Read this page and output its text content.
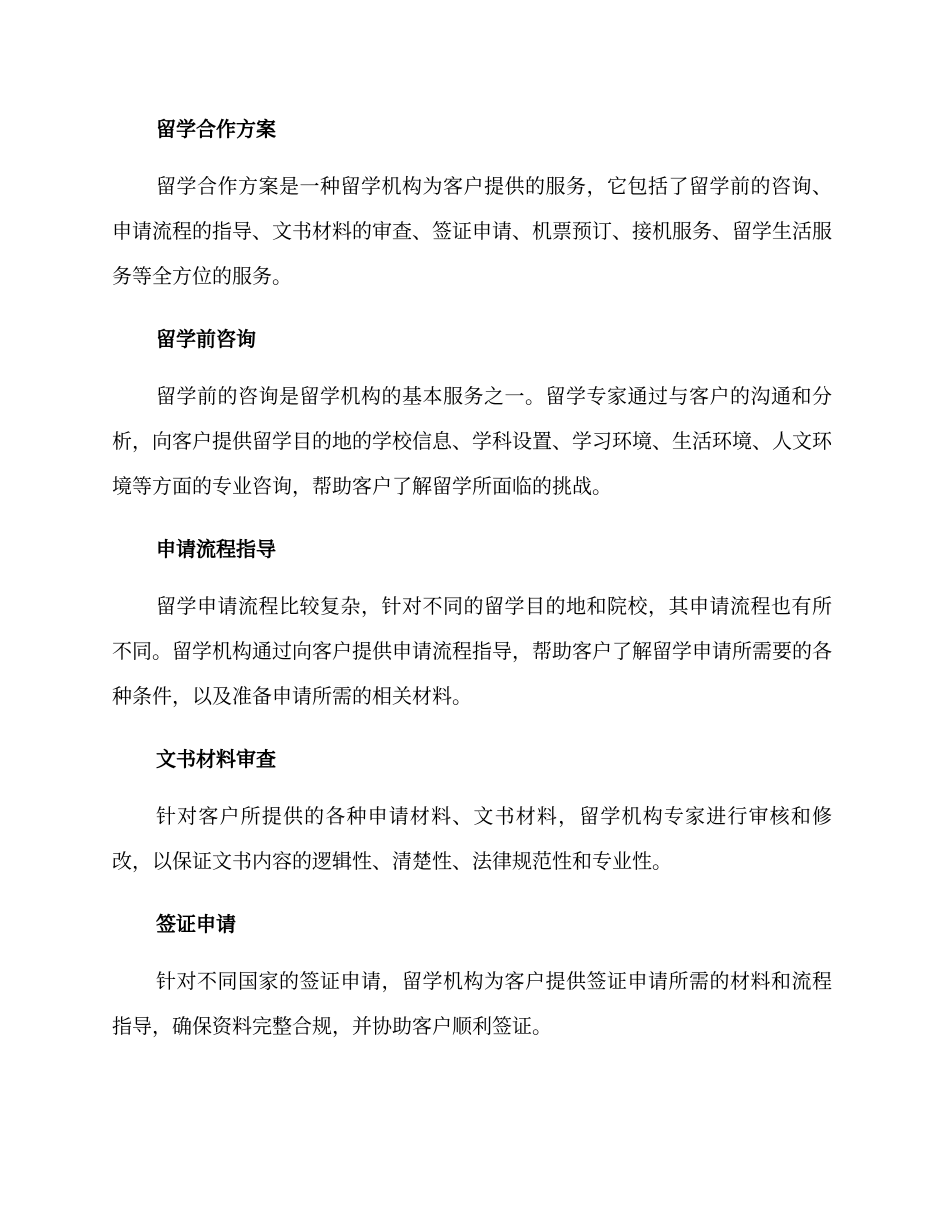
留学合作方案

留学合作方案是一种留学机构为客户提供的服务，它包括了留学前的咨询、申请流程的指导、文书材料的审查、签证申请、机票预订、接机服务、留学生活服务等全方位的服务。

留学前咨询

留学前的咨询是留学机构的基本服务之一。留学专家通过与客户的沟通和分析，向客户提供留学目的地的学校信息、学科设置、学习环境、生活环境、人文环境等方面的专业咨询，帮助客户了解留学所面临的挑战。

申请流程指导

留学申请流程比较复杂，针对不同的留学目的地和院校，其申请流程也有所不同。留学机构通过向客户提供申请流程指导，帮助客户了解留学申请所需要的各种条件，以及准备申请所需的相关材料。

文书材料审查

针对客户所提供的各种申请材料、文书材料，留学机构专家进行审核和修改，以保证文书内容的逻辑性、清楚性、法律规范性和专业性。

签证申请

针对不同国家的签证申请，留学机构为客户提供签证申请所需的材料和流程指导，确保资料完整合规，并协助客户顺利签证。
